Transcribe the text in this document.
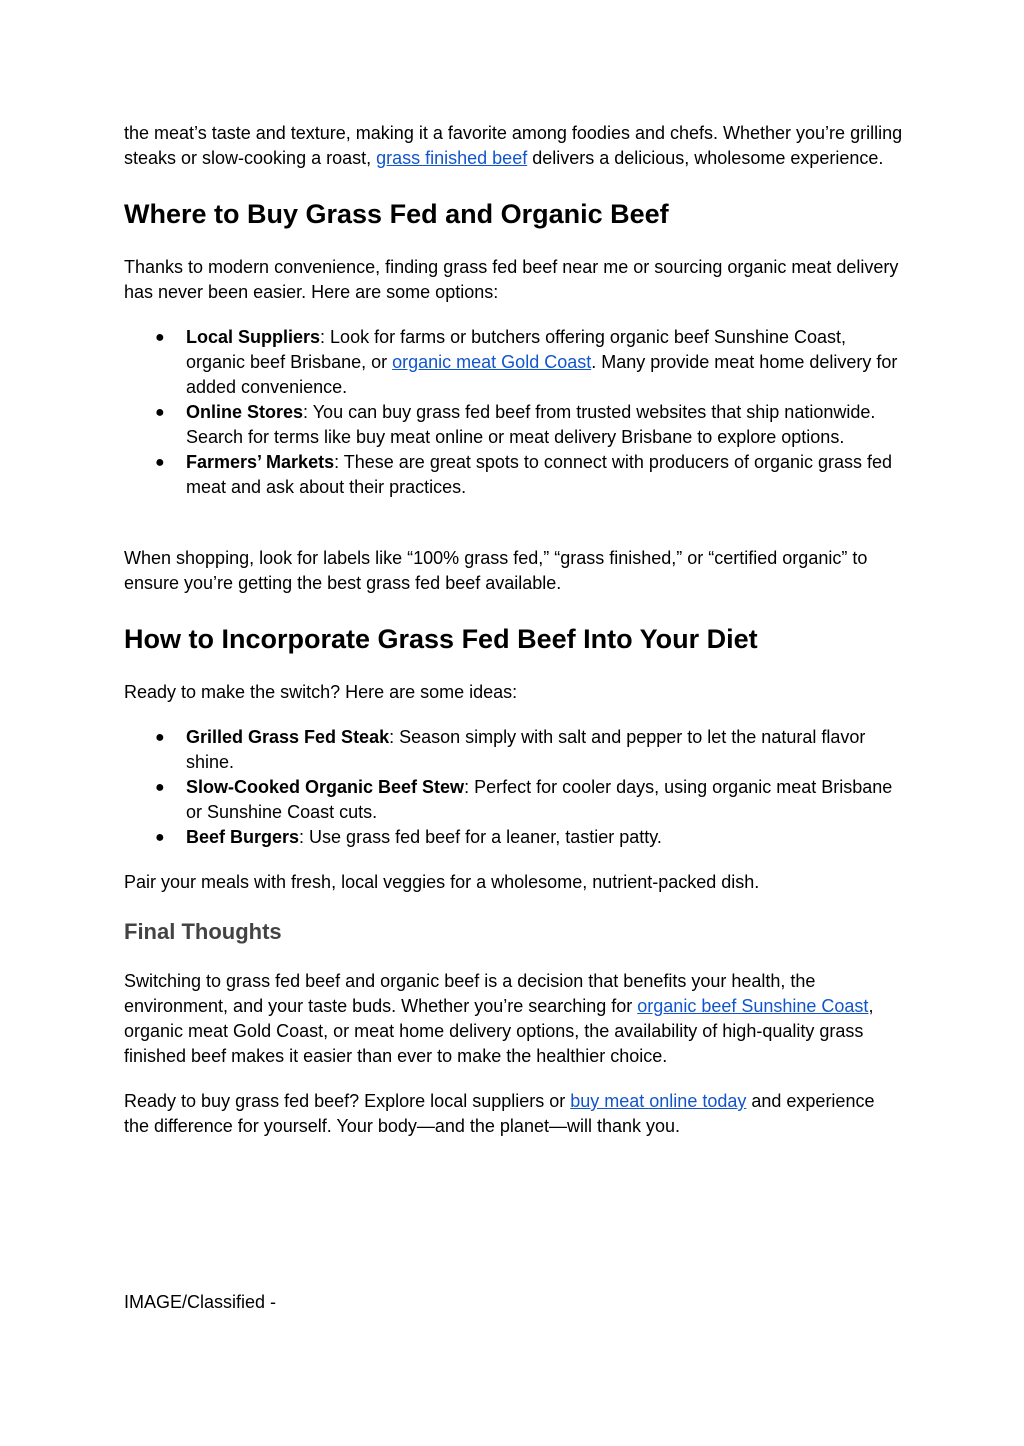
the meat’s taste and texture, making it a favorite among foodies and chefs. Whether you’re grilling steaks or slow-cooking a roast, grass finished beef delivers a delicious, wholesome experience.

Where to Buy Grass Fed and Organic Beef

Thanks to modern convenience, finding grass fed beef near me or sourcing organic meat delivery has never been easier. Here are some options:

● Local Suppliers: Look for farms or butchers offering organic beef Sunshine Coast, organic beef Brisbane, or organic meat Gold Coast. Many provide meat home delivery for added convenience.
● Online Stores: You can buy grass fed beef from trusted websites that ship nationwide. Search for terms like buy meat online or meat delivery Brisbane to explore options.
● Farmers’ Markets: These are great spots to connect with producers of organic grass fed meat and ask about their practices.

When shopping, look for labels like “100% grass fed,” “grass finished,” or “certified organic” to ensure you’re getting the best grass fed beef available.

How to Incorporate Grass Fed Beef Into Your Diet

Ready to make the switch? Here are some ideas:

● Grilled Grass Fed Steak: Season simply with salt and pepper to let the natural flavor shine.
● Slow-Cooked Organic Beef Stew: Perfect for cooler days, using organic meat Brisbane or Sunshine Coast cuts.
● Beef Burgers: Use grass fed beef for a leaner, tastier patty.

Pair your meals with fresh, local veggies for a wholesome, nutrient-packed dish.

Final Thoughts

Switching to grass fed beef and organic beef is a decision that benefits your health, the environment, and your taste buds. Whether you’re searching for organic beef Sunshine Coast, organic meat Gold Coast, or meat home delivery options, the availability of high-quality grass finished beef makes it easier than ever to make the healthier choice.

Ready to buy grass fed beef? Explore local suppliers or buy meat online today and experience the difference for yourself. Your body—and the planet—will thank you.

IMAGE/Classified -
